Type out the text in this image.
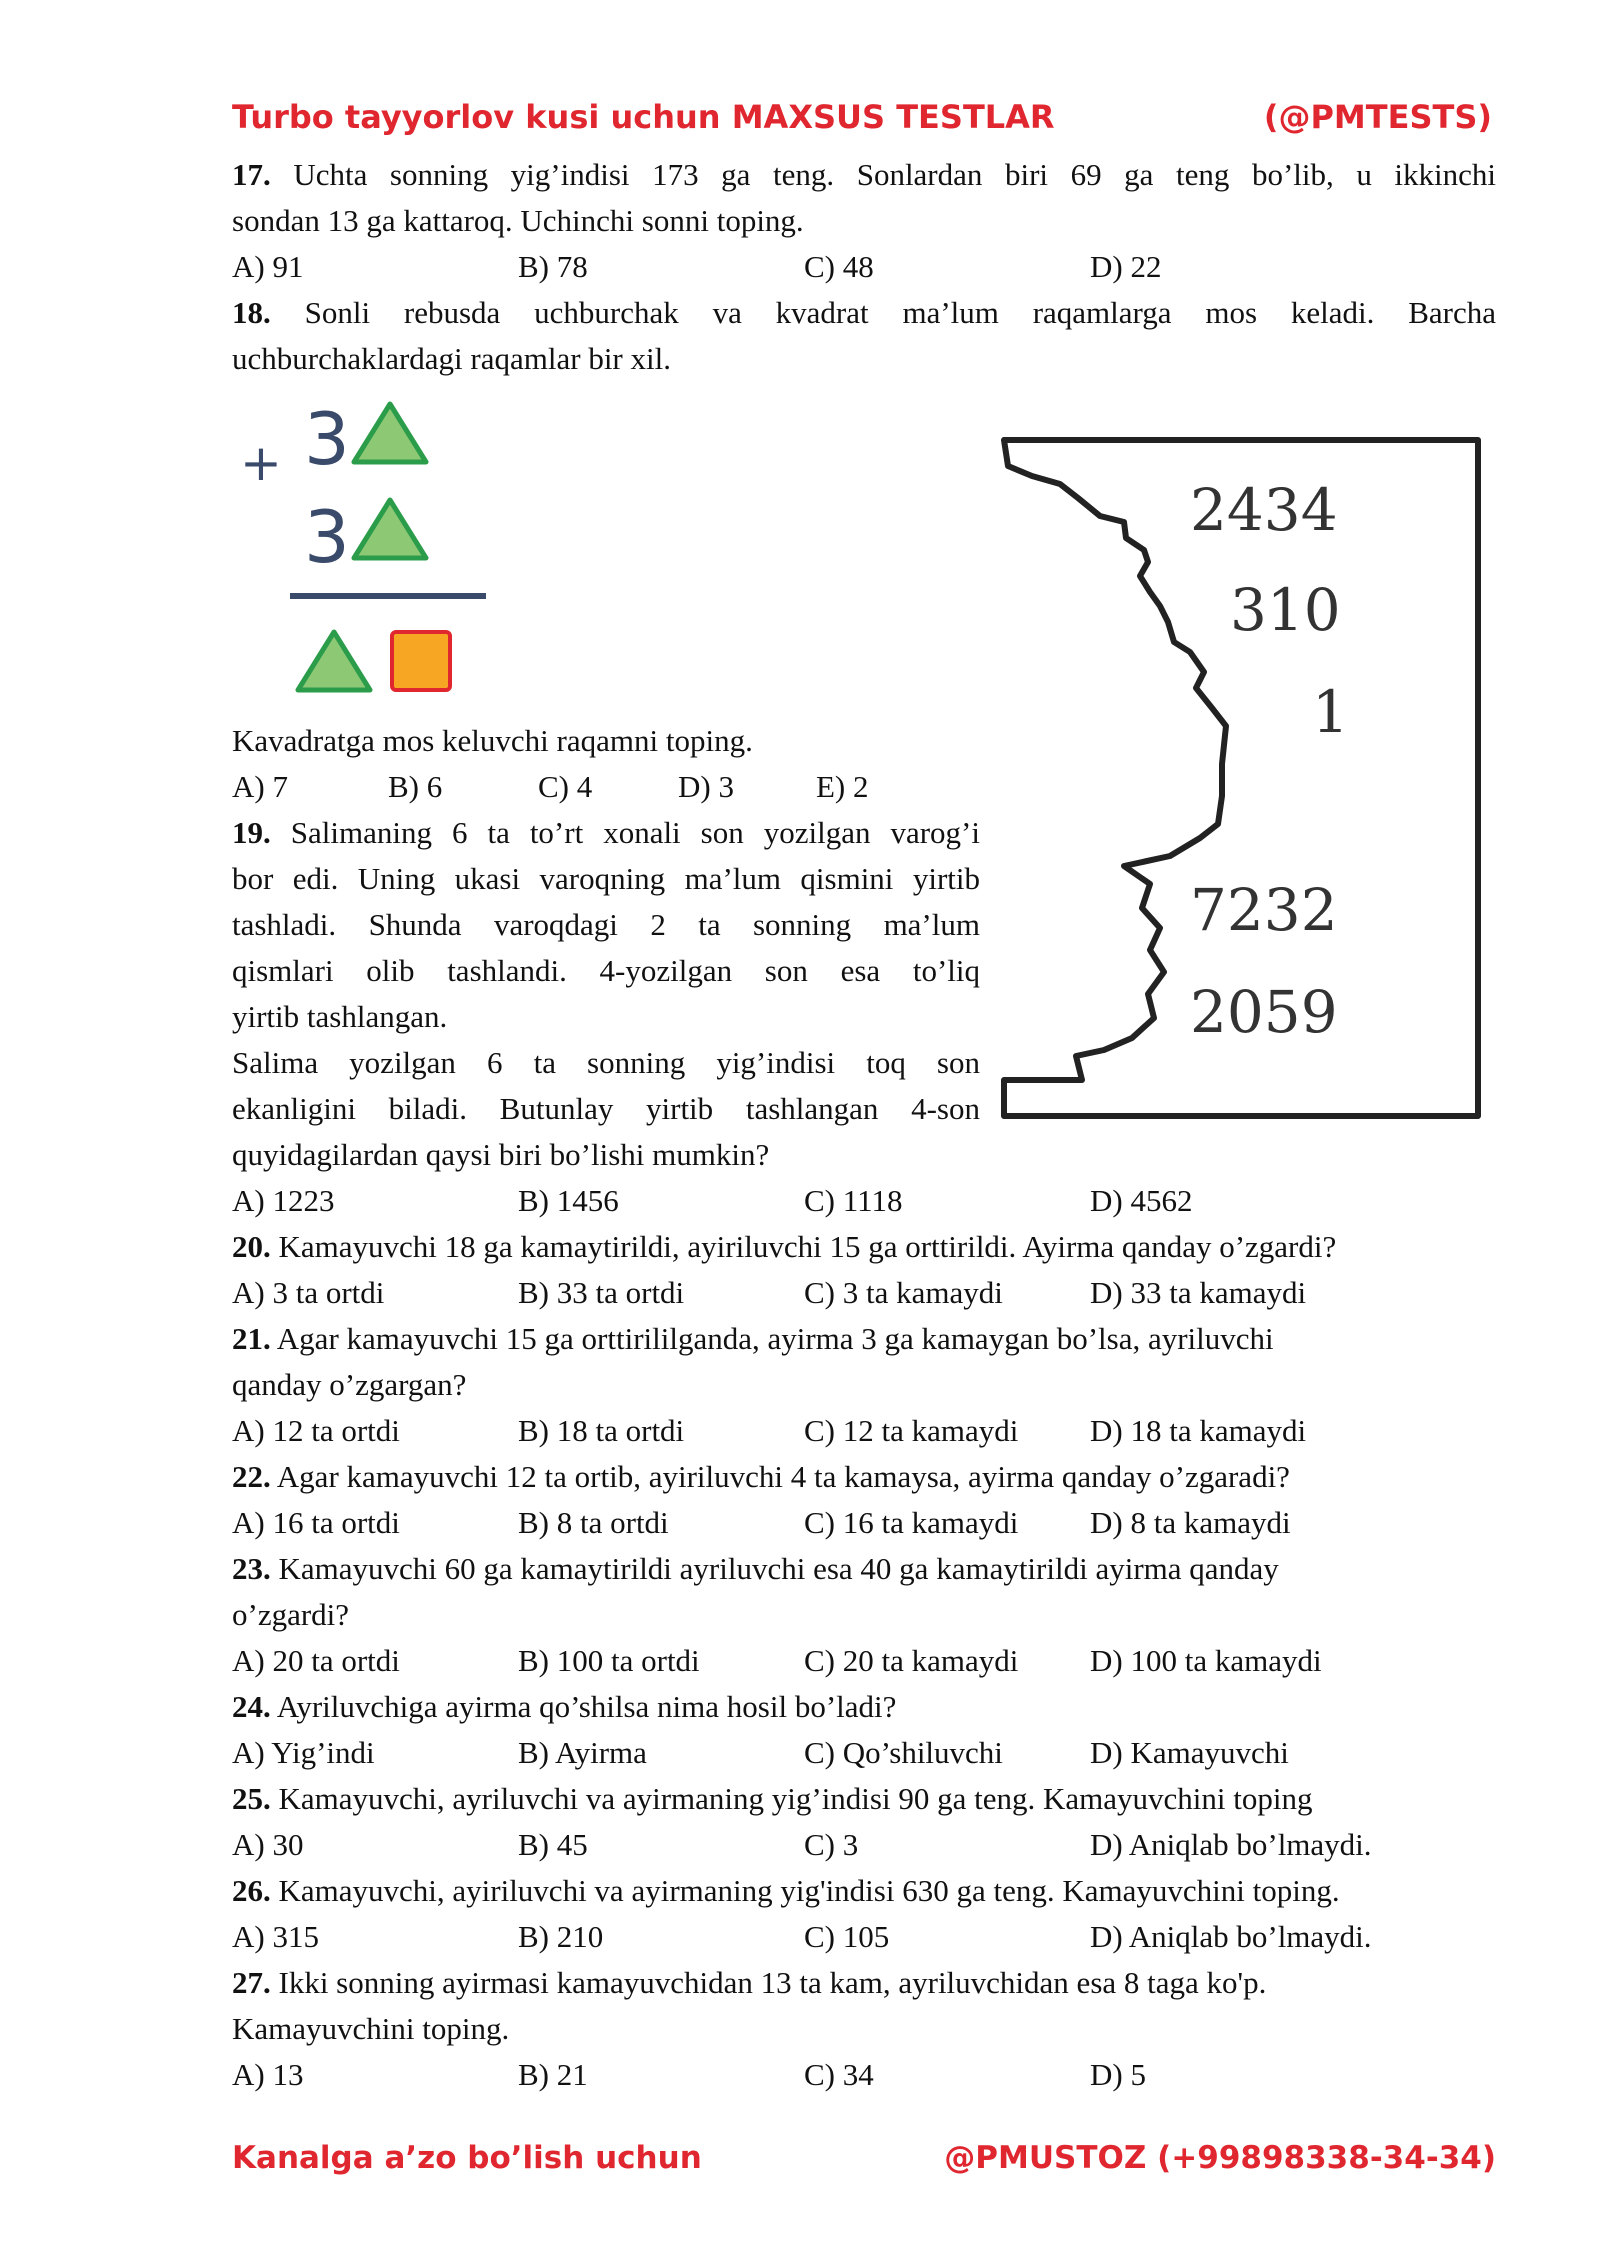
Turbo tayyorlov kusi uchun MAXSUS TESTLAR	(@PMTESTS)
17. Uchta sonning yig’indisi 173 ga teng. Sonlardan biri 69 ga teng bo’lib, u ikkinchi
sondan 13 ga kattaroq. Uchinchi sonni toping.
A) 91	B) 78	C) 48	D) 22
18. Sonli rebusda uchburchak va kvadrat ma’lum raqamlarga mos keladi. Barcha
uchburchaklardagi raqamlar bir xil.
+ 3
3
Kavadratga mos keluvchi raqamni toping.
A) 7	B) 6	C) 4	D) 3	E) 2
19. Salimaning 6 ta to’rt xonali son yozilgan varog’i
bor edi. Uning ukasi varoqning ma’lum qismini yirtib
tashladi. Shunda varoqdagi 2 ta sonning ma’lum
qismlari olib tashlandi. 4-yozilgan son esa to’liq
yirtib tashlangan.
Salima yozilgan 6 ta sonning yig’indisi toq son
ekanligini biladi. Butunlay yirtib tashlangan 4-son
quyidagilardan qaysi biri bo’lishi mumkin?
2434
310
1
7232
2059
A) 1223	B) 1456	C) 1118	D) 4562
20. Kamayuvchi 18 ga kamaytirildi, ayiriluvchi 15 ga orttirildi. Ayirma qanday o’zgardi?
A) 3 ta ortdi	B) 33 ta ortdi	C) 3 ta kamaydi	D) 33 ta kamaydi
21. Agar kamayuvchi 15 ga orttirililganda, ayirma 3 ga kamaygan bo’lsa, ayriluvchi
qanday o’zgargan?
A) 12 ta ortdi	B) 18 ta ortdi	C) 12 ta kamaydi D) 18 ta kamaydi
22. Agar kamayuvchi 12 ta ortib, ayiriluvchi 4 ta kamaysa, ayirma qanday o’zgaradi?
A) 16 ta ortdi	B) 8 ta ortdi	C) 16 ta kamaydi D) 8 ta kamaydi
23. Kamayuvchi 60 ga kamaytirildi ayriluvchi esa 40 ga kamaytirildi ayirma qanday
o’zgardi?
A) 20 ta ortdi	B) 100 ta ortdi	C) 20 ta kamaydi D) 100 ta kamaydi
24. Ayriluvchiga ayirma qo’shilsa nima hosil bo’ladi?
A) Yig’indi	B) Ayirma	C) Qo’shiluvchi	D) Kamayuvchi
25. Kamayuvchi, ayriluvchi va ayirmaning yig’indisi 90 ga teng. Kamayuvchini toping
A) 30	B) 45	C) 3	D) Aniqlab bo’lmaydi.
26. Kamayuvchi, ayiriluvchi va ayirmaning yig'indisi 630 ga teng. Kamayuvchini toping.
A) 315	B) 210	C) 105	D) Aniqlab bo’lmaydi.
27. Ikki sonning ayirmasi kamayuvchidan 13 ta kam, ayriluvchidan esa 8 taga ko'p.
Kamayuvchini toping.
A) 13	B) 21	C) 34	D) 5
Kanalga a’zo bo’lish uchun	@PMUSTOZ (+99898338-34-34)
